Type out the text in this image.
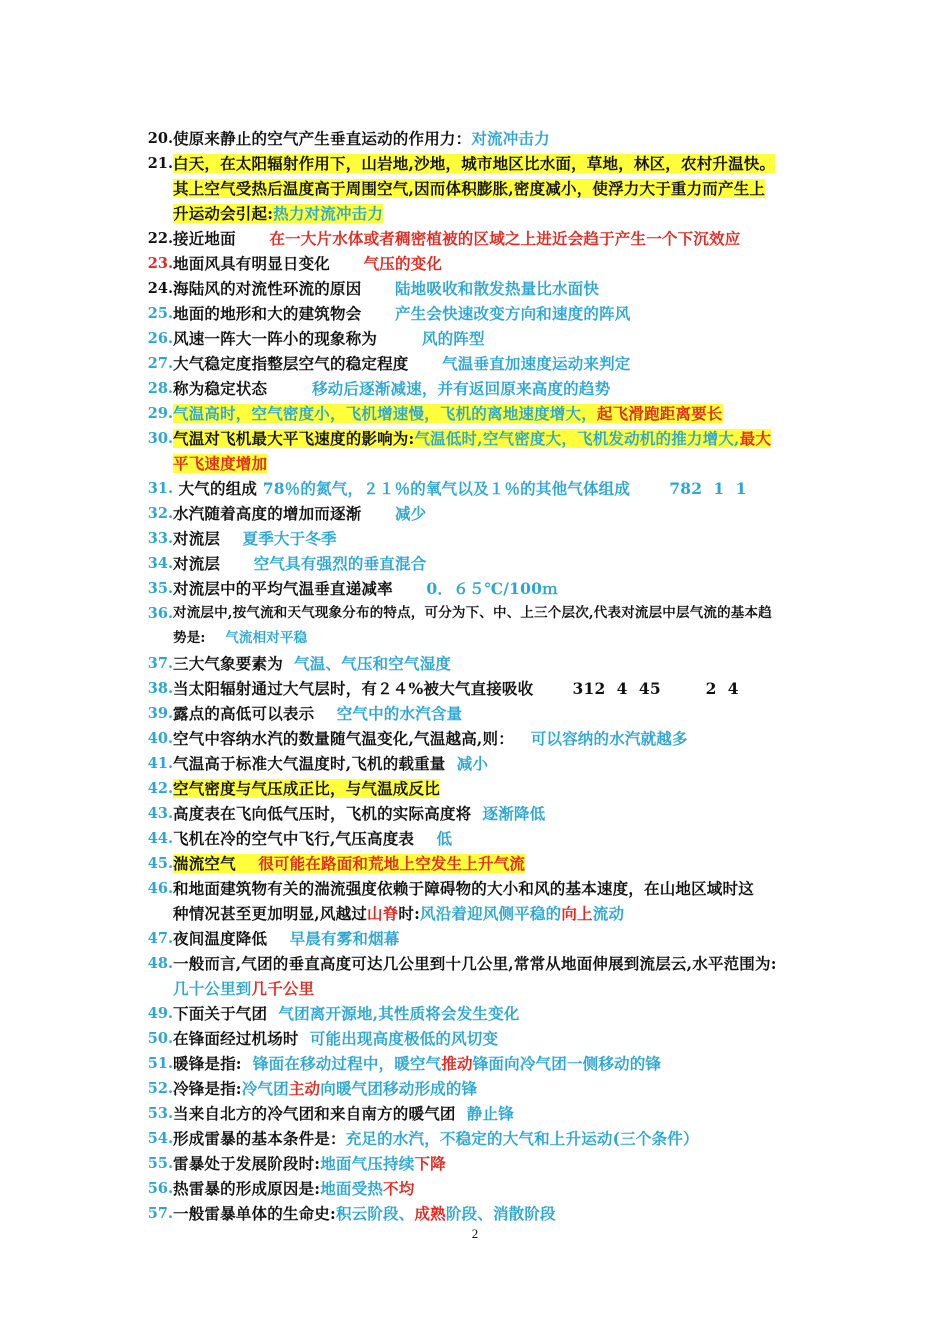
20. 使原来静止的空气产生垂直运动的作用力：对流冲击力
21. 白天，在太阳辐射作用下，山岩地,沙地，城市地区比水面，草地，林区，农村升温快。
其上空气受热后温度高于周围空气,因而体积膨胀,密度减小，使浮力大于重力而产生上
升运动会引起:热力对流冲击力
22. 接近地面      在一大片水体或者稠密植被的区域之上进近会趋于产生一个下沉效应
23. 地面风具有明显日变化      气压的变化
24. 海陆风的对流性环流的原因      陆地吸收和散发热量比水面快
25. 地面的地形和大的建筑物会      产生会快速改变方向和速度的阵风
26. 风速一阵大一阵小的现象称为        风的阵型
27. 大气稳定度指整层空气的稳定程度      气温垂直加速度运动来判定
28. 称为稳定状态        移动后逐渐减速，并有返回原来高度的趋势
29. 气温高时，空气密度小，飞机增速慢，飞机的离地速度增大，起飞滑跑距离要长
30. 气温对飞机最大平飞速度的影响为:气温低时,空气密度大，飞机发动机的推力增大,最大
平飞速度增加
31. 大气的组成 78％的氮气，２１％的氧气以及１％的其他气体组成       782  1  1
32. 水汽随着高度的增加而逐渐      减少
33. 对流层    夏季大于冬季
34. 对流层      空气具有强烈的垂直混合
35. 对流层中的平均气温垂直递减率      0．６５℃/100ｍ
36. 对流层中,按气流和天气现象分布的特点，可分为下、中、上三个层次,代表对流层中层气流的基本趋
势是:    气流相对平稳
37. 三大气象要素为  气温、气压和空气湿度
38. 当太阳辐射通过大气层时，有２４%被大气直接吸收       312  4  45        2  4
39. 露点的高低可以表示    空气中的水汽含量
40. 空气中容纳水汽的数量随气温变化,气温越高,则：   可以容纳的水汽就越多
41. 气温高于标准大气温度时,飞机的载重量  减小
42. 空气密度与气压成正比，与气温成反比
43. 高度表在飞向低气压时，飞机的实际高度将  逐渐降低
44. 飞机在冷的空气中飞行,气压高度表    低
45. 湍流空气    很可能在路面和荒地上空发生上升气流
46. 和地面建筑物有关的湍流强度依赖于障碍物的大小和风的基本速度，在山地区域时这
种情况甚至更加明显,风越过山脊时:风沿着迎风侧平稳的向上流动
47. 夜间温度降低    早晨有雾和烟幕
48. 一般而言,气团的垂直高度可达几公里到十几公里,常常从地面伸展到流层云,水平范围为:
几十公里到几千公里
49. 下面关于气团  气团离开源地,其性质将会发生变化
50. 在锋面经过机场时  可能出现高度极低的风切变
51. 暖锋是指:  锋面在移动过程中，暖空气推动锋面向冷气团一侧移动的锋
52. 冷锋是指:冷气团主动向暖气团移动形成的锋
53. 当来自北方的冷气团和来自南方的暖气团  静止锋
54. 形成雷暴的基本条件是：充足的水汽，不稳定的大气和上升运动(三个条件）
55. 雷暴处于发展阶段时:地面气压持续下降
56. 热雷暴的形成原因是:地面受热不均
57. 一般雷暴单体的生命史:积云阶段、成熟阶段、消散阶段
2
